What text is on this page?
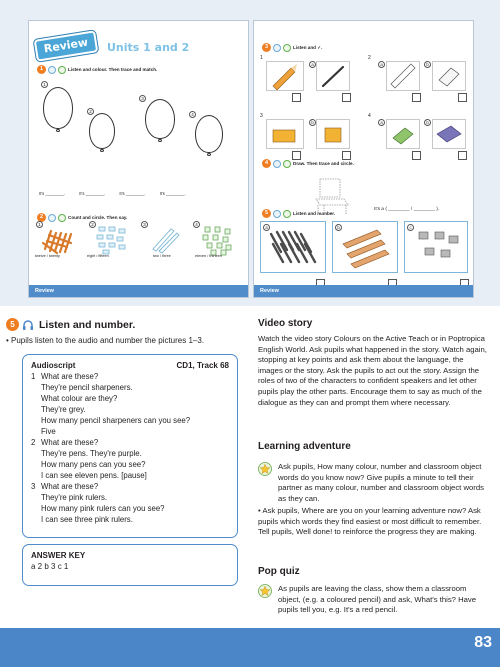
Review	Units 1 and 2
1	Listen and colour. Then trace and match.
1
2
3
4
It's ________.	It's ________.	It's ________.	It's ________.
2	Count and circle. Then say.
1
twelve / twenty
2
eight / fifteen
3
two / three
4
eleven / thirteen
Review
3	Listen and ✓.
1
a
2
a	b
3
b
4
a	b
4	Draw. Then trace and circle.
It's a ( ________ / ________ ).
5	Listen and number.
a	b	c
Review
5	Listen and number.
• Pupils listen to the audio and number the pictures 1–3.
Audioscript	CD1, Track 68
1 What are these?
They're pencil sharpeners.
What colour are they?
They're grey.
How many pencil sharpeners can you see?
Five
2 What are these?
They're pens. They're purple.
How many pens can you see?
I can see eleven pens. [pause]
3 What are these?
They're pink rulers.
How many pink rulers can you see?
I can see three pink rulers.
ANSWER KEY
a 2 b 3 c 1
Video story
Watch the video story Colours on the Active Teach or in Poptropica English World. Ask pupils what happened in the story. Watch again, stopping at key points and ask them about the language, the images or the story. Ask the pupils to act out the story. Assign the roles of two of the characters to confident speakers and let other pupils play the other parts. Encourage them to say as much of the dialogue as they can and prompt them where necessary.
Learning adventure
Ask pupils, How many colour, number and classroom object words do you know now? Give pupils a minute to tell their partner as many colour, number and classroom object words as they can.
• Ask pupils, Where are you on your learning adventure now? Ask pupils which words they find easiest or most difficult to remember. Tell pupils, Well done! to reinforce the progress they are making.
Pop quiz
As pupils are leaving the class, show them a classroom object, (e.g. a coloured pencil) and ask, What's this? Have pupils tell you, e.g. It's a red pencil.
83
